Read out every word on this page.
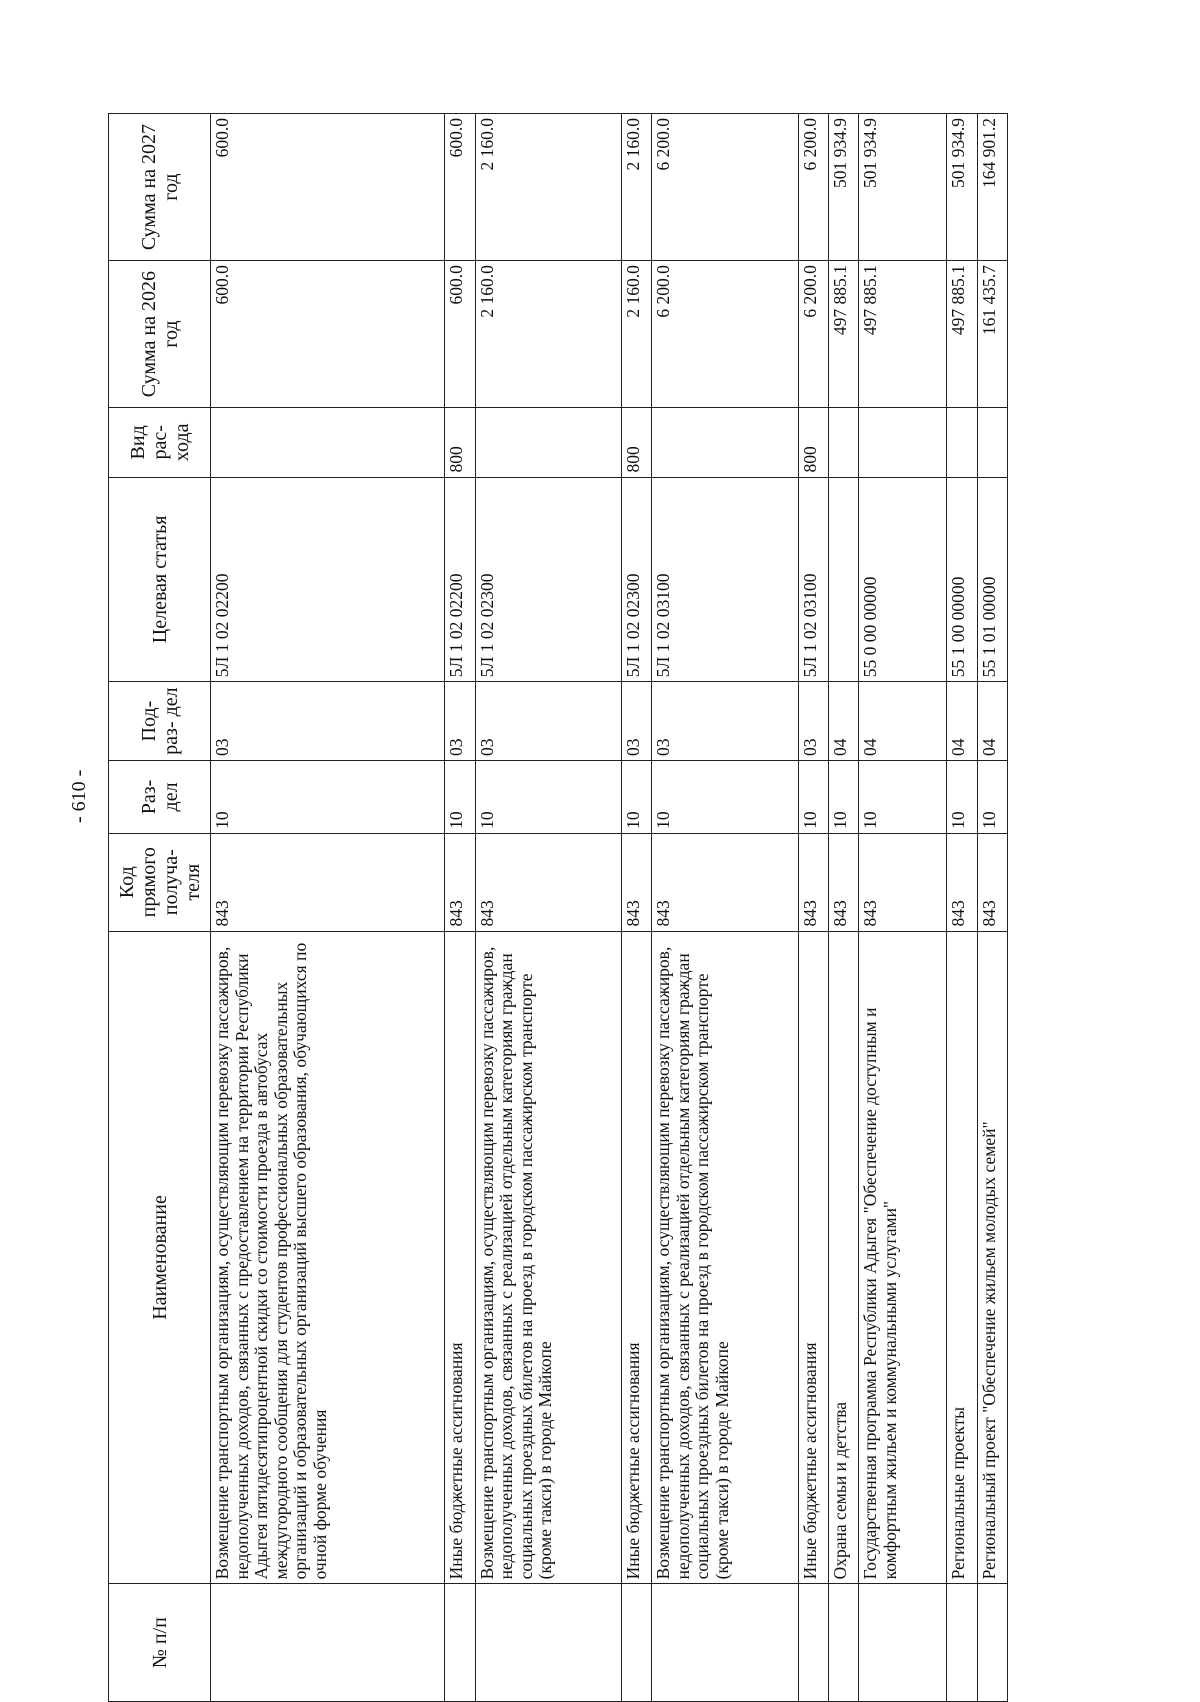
- 610 -
№ п/п	Наименование	Код прямого получа- теля	Раз- дел	Под- раз- дел	Целевая статья	Вид рас- хода	Сумма на 2026 год	Сумма на 2027 год
	Возмещение транспортным организациям, осуществляющим перевозку пассажиров, недополученных доходов, связанных с предоставлением на территории Республики Адыгея пятидесятипроцентной скидки со стоимости проезда в автобусах междугородного сообщения для студентов профессиональных образовательных организаций и образовательных организаций высшего образования, обучающихся по очной форме обучения	843	10	03	5Л 1 02 02200		600.0	600.0
	Иные бюджетные ассигнования	843	10	03	5Л 1 02 02200	800	600.0	600.0
	Возмещение транспортным организациям, осуществляющим перевозку пассажиров, недополученных доходов, связанных с реализацией отдельным категориям граждан социальных проездных билетов на проезд в городском пассажирском транспорте (кроме такси) в городе Майкопе	843	10	03	5Л 1 02 02300		2 160.0	2 160.0
	Иные бюджетные ассигнования	843	10	03	5Л 1 02 02300	800	2 160.0	2 160.0
	Возмещение транспортным организациям, осуществляющим перевозку пассажиров, недополученных доходов, связанных с реализацией отдельным категориям граждан социальных проездных билетов на проезд в городском пассажирском транспорте (кроме такси) в городе Майкопе	843	10	03	5Л 1 02 03100		6 200.0	6 200.0
	Иные бюджетные ассигнования	843	10	03	5Л 1 02 03100	800	6 200.0	6 200.0
	Охрана семьи и детства	843	10	04			497 885.1	501 934.9
	Государственная программа Республики Адыгея "Обеспечение доступным и комфортным жильем и коммунальными услугами"	843	10	04	55 0 00 00000		497 885.1	501 934.9
	Региональные проекты	843	10	04	55 1 00 00000		497 885.1	501 934.9
	Региональный проект "Обеспечение жильем молодых семей"	843	10	04	55 1 01 00000		161 435.7	164 901.2
